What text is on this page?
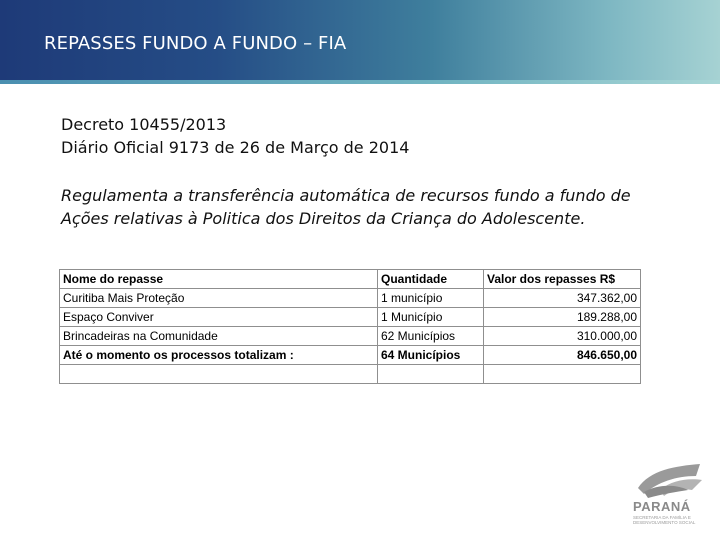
REPASSES FUNDO A FUNDO – FIA
Decreto 10455/2013
Diário Oficial 9173 de 26 de Março de 2014
Regulamenta a transferência automática de recursos fundo a fundo de
Ações relativas à Politica dos Direitos da Criança do Adolescente.
Nome do repasse	Quantidade	Valor dos repasses R$
Curitiba Mais Proteção	1 município	347.362,00
Espaço Conviver	1 Município	189.288,00
Brincadeiras na Comunidade	62 Municípios	310.000,00
Até o momento os processos totalizam :	64 Municípios	846.650,00

PARANÁ
SECRETARIA DA FAMÍLIA E DESENVOLVIMENTO SOCIAL
